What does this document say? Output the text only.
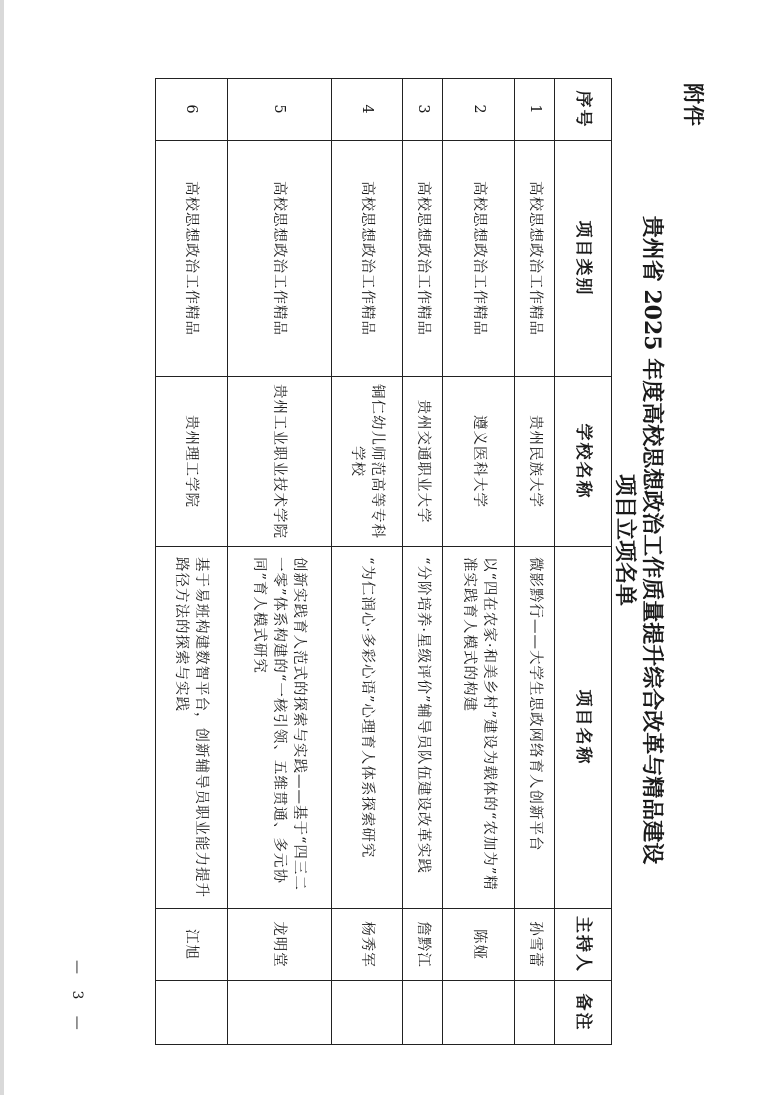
附件
贵州省 2025 年度高校思想政治工作质量提升综合改革与精品建设
项目立项名单
序号	项目类别	学校名称	项目名称	主持人	备注
1	高校思想政治工作精品	贵州民族大学	微影黔行——大学生思政网络育人创新平台	孙雪蕾	
2	高校思想政治工作精品	遵义医科大学	以“四在农家·和美乡村”建设为载体的“农加为”精准实践育人模式的构建	陈娅	
3	高校思想政治工作精品	贵州交通职业大学	“分阶培养·星级评价”辅导员队伍建设改革实践	詹黔江	
4	高校思想政治工作精品	铜仁幼儿师范高等专科学校	“为仁润心·多彩心语”心理育人体系探索研究	杨秀军	
5	高校思想政治工作精品	贵州工业职业技术学院	创新实践育人范式的探索与实践——基于“四三二一零”体系构建的“一核引领、五维贯通、多元协同”育人模式研究	龙明堂	
6	高校思想政治工作精品	贵州理工学院	基于易班构建数智平台，创新辅导员职业能力提升路径方法的探索与实践	江旭	
— 3 —
